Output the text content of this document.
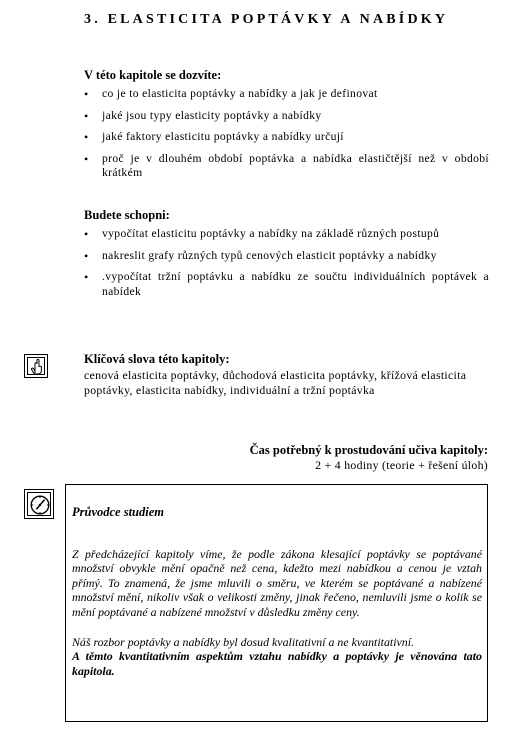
3. ELASTICITA POPTÁVKY A NABÍDKY
V této kapitole se dozvíte:
• co je to elasticita poptávky a nabídky a jak je definovat
• jaké jsou typy elasticity poptávky a nabídky
• jaké faktory elasticitu poptávky a nabídky určují
• proč je v dlouhém období poptávka a nabídka elastičtější než v období krátkém
Budete schopni:
• vypočítat elasticitu poptávky a nabídky na základě různých postupů
• nakreslit grafy různých typů cenových elasticit poptávky a nabídky
• .vypočítat tržní poptávku a nabídku ze součtu individuálních poptávek a nabídek
Klíčová slova této kapitoly:
cenová elasticita poptávky, důchodová elasticita poptávky, křížová elasticita poptávky, elasticita nabídky, individuální a tržní poptávka
Čas potřebný k prostudování učiva kapitoly:
2 + 4 hodiny (teorie + řešení úloh)
Průvodce studiem
Z předcházející kapitoly víme, že podle zákona klesající poptávky se poptávané množství obvykle mění opačně než cena, kdežto mezi nabídkou a cenou je vztah přímý. To znamená, že jsme mluvili o směru, ve kterém se poptávané a nabízené množství mění, nikoliv však o velikosti změny, jinak řečeno, nemluvili jsme o kolik se mění poptávané a nabízené množství v důsledku změny ceny.
Náš rozbor poptávky a nabídky byl dosud kvalitativní a ne kvantitativní.
A těmto kvantitativním aspektům vztahu nabídky a poptávky je věnována tato kapitola.
